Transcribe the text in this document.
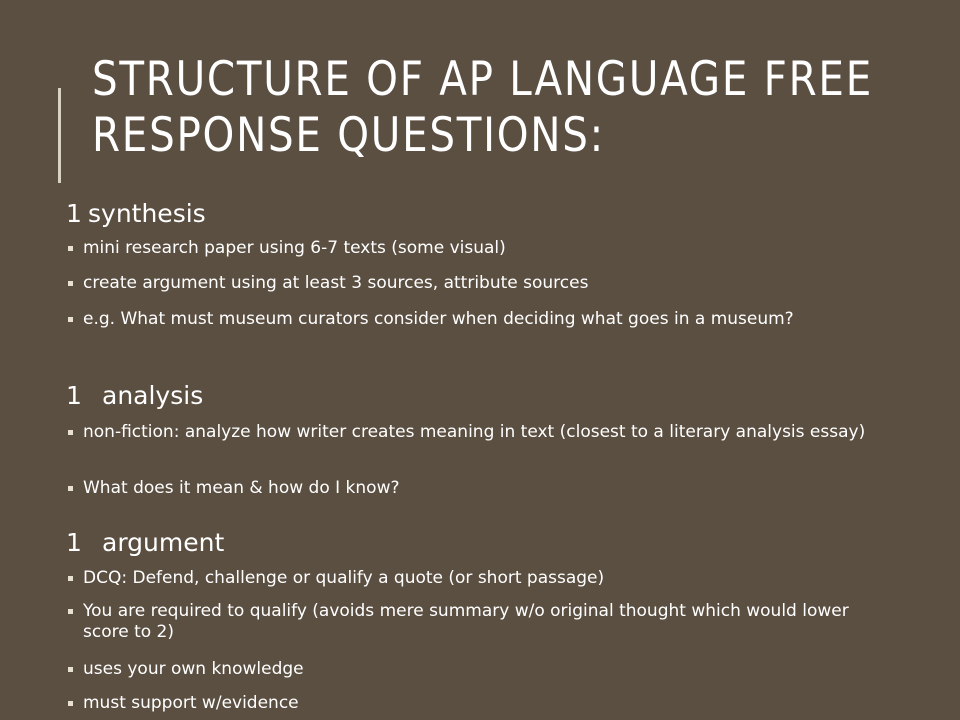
STRUCTURE OF AP LANGUAGE FREE
RESPONSE QUESTIONS:
1 synthesis
mini research paper using 6-7 texts (some visual)
create argument using at least 3 sources, attribute sources
e.g. What must museum curators consider when deciding what goes in a museum?
1 analysis
non-fiction: analyze how writer creates meaning in text (closest to a literary analysis essay)
What does it mean & how do I know?
1 argument
DCQ: Defend, challenge or qualify a quote (or short passage)
You are required to qualify (avoids mere summary w/o original thought which would lower score to 2)
uses your own knowledge
must support w/evidence
